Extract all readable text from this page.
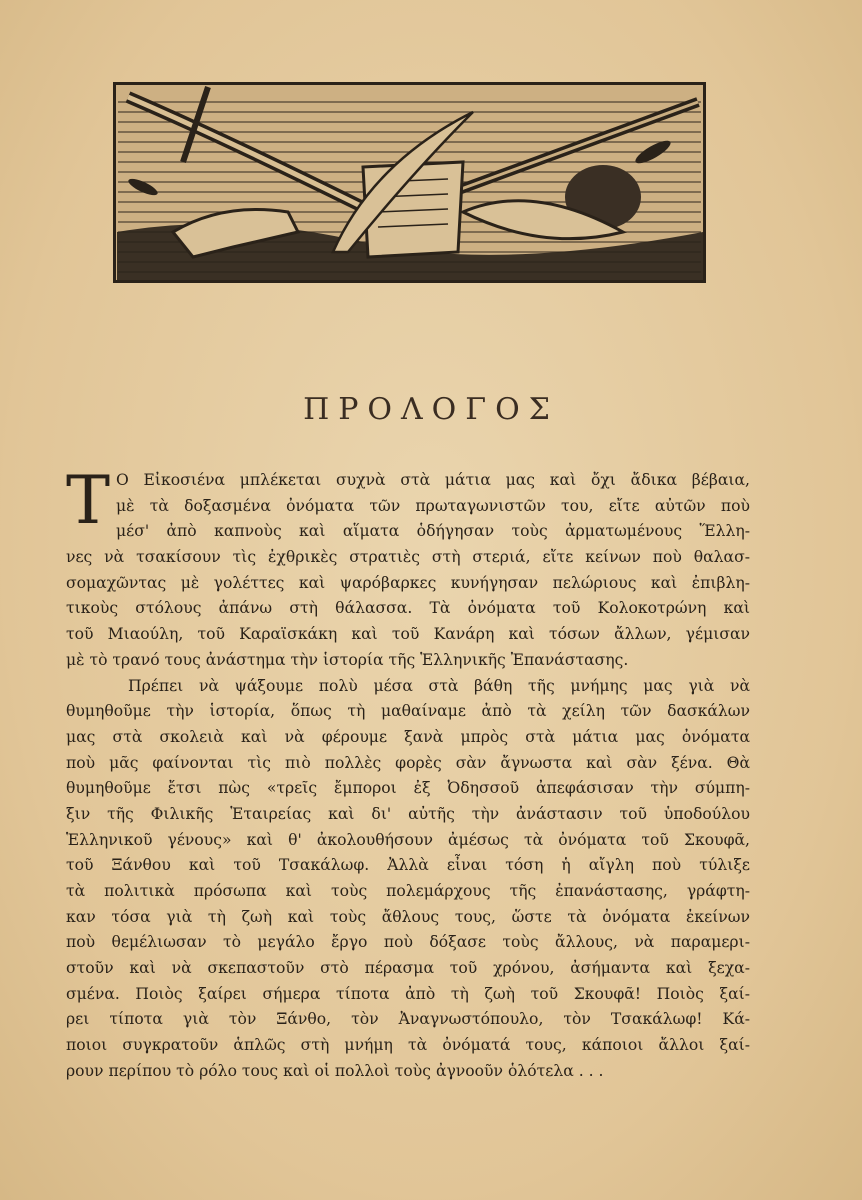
ΠΡΟΛΟΓΟΣ
Τ Ο Εἰκοσιένα μπλέκεται συχνὰ στὰ μάτια μας καὶ ὄχι ἄδικα βέβαια,
μὲ τὰ δοξασμένα ὀνόματα τῶν πρωταγωνιστῶν του, εἴτε αὐτῶν ποὺ
μέσ' ἀπὸ καπνοὺς καὶ αἵματα ὁδήγησαν τοὺς ἀρματωμένους Ἕλλη-
νες νὰ τσακίσουν τὶς ἐχθρικὲς στρατιὲς στὴ στεριά, εἴτε κείνων ποὺ θαλασ-
σομαχῶντας μὲ γολέττες καὶ ψαρόβαρκες κυνήγησαν πελώριους καὶ ἐπιβλη-
τικοὺς στόλους ἀπάνω στὴ θάλασσα. Τὰ ὀνόματα τοῦ Κολοκοτρώνη καὶ
τοῦ Μιαούλη, τοῦ Καραϊσκάκη καὶ τοῦ Κανάρη καὶ τόσων ἄλλων, γέμισαν
μὲ τὸ τρανό τους ἀνάστημα τὴν ἱστορία τῆς Ἑλληνικῆς Ἐπανάστασης.
Πρέπει νὰ ψάξουμε πολὺ μέσα στὰ βάθη τῆς μνήμης μας γιὰ νὰ
θυμηθοῦμε τὴν ἱστορία, ὅπως τὴ μαθαίναμε ἀπὸ τὰ χείλη τῶν δασκάλων
μας στὰ σκολειὰ καὶ νὰ φέρουμε ξανὰ μπρὸς στὰ μάτια μας ὀνόματα
ποὺ μᾶς φαίνονται τὶς πιὸ πολλὲς φορὲς σὰν ἄγνωστα καὶ σὰν ξένα. Θὰ
θυμηθοῦμε ἔτσι πὼς «τρεῖς ἔμποροι ἐξ Ὀδησσοῦ ἀπεφάσισαν τὴν σύμπη-
ξιν τῆς Φιλικῆς Ἑταιρείας καὶ δι' αὐτῆς τὴν ἀνάστασιν τοῦ ὑποδούλου
Ἑλληνικοῦ γένους» καὶ θ' ἀκολουθήσουν ἀμέσως τὰ ὀνόματα τοῦ Σκουφᾶ,
τοῦ Ξάνθου καὶ τοῦ Τσακάλωφ. Ἀλλὰ εἶναι τόση ἡ αἴγλη ποὺ τύλιξε
τὰ πολιτικὰ πρόσωπα καὶ τοὺς πολεμάρχους τῆς ἐπανάστασης, γράφτη-
καν τόσα γιὰ τὴ ζωὴ καὶ τοὺς ἄθλους τους, ὥστε τὰ ὀνόματα ἐκείνων
ποὺ θεμέλιωσαν τὸ μεγάλο ἔργο ποὺ δόξασε τοὺς ἄλλους, νὰ παραμερι-
στοῦν καὶ νὰ σκεπαστοῦν στὸ πέρασμα τοῦ χρόνου, ἀσήμαντα καὶ ξεχα-
σμένα. Ποιὸς ξαίρει σήμερα τίποτα ἀπὸ τὴ ζωὴ τοῦ Σκουφᾶ! Ποιὸς ξαί-
ρει τίποτα γιὰ τὸν Ξάνθο, τὸν Ἀναγνωστόπουλο, τὸν Τσακάλωφ! Κά-
ποιοι συγκρατοῦν ἁπλῶς στὴ μνήμη τὰ ὀνόματά τους, κάποιοι ἄλλοι ξαί-
ρουν περίπου τὸ ρόλο τους καὶ οἱ πολλοὶ τοὺς ἀγνοοῦν ὁλότελα . . .
